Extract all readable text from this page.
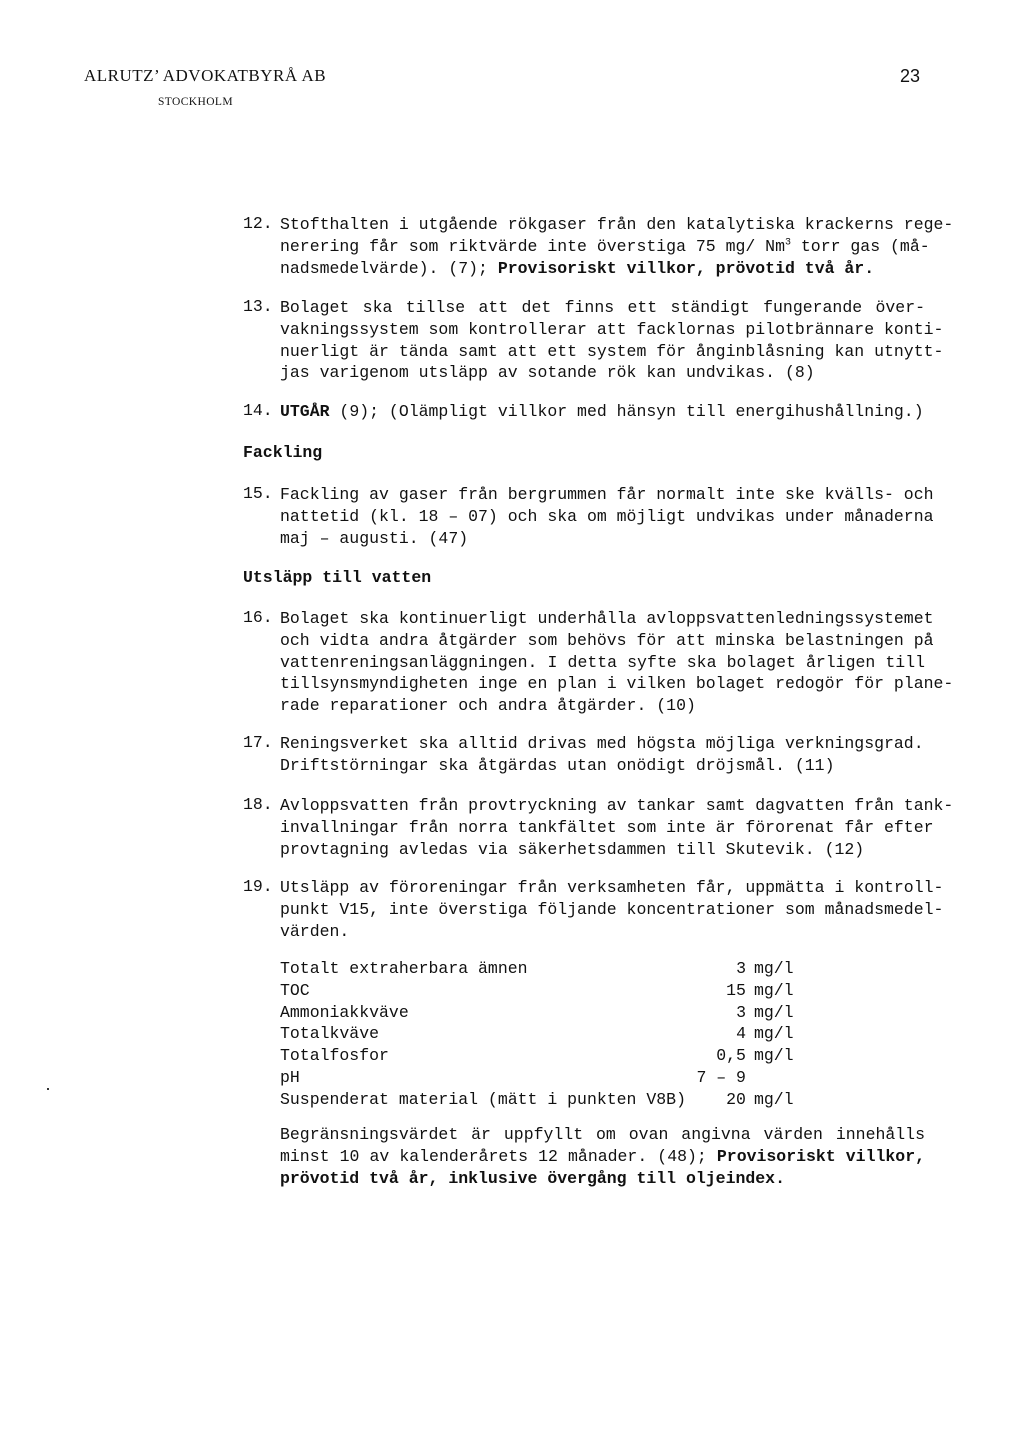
ALRUTZ’ ADVOKATBYRÅ AB
STOCKHOLM
23
12. Stofthalten i utgående rökgaser från den katalytiska krackerns rege-
nerering får som riktvärde inte överstiga 75 mg/ Nm$^3$ torr gas (må-
nadsmedelvärde). (7); Provisoriskt villkor, prövotid två år.
13. Bolaget ska tillse att det finns ett ständigt fungerande över-
vakningssystem som kontrollerar att facklornas pilotbrännare konti-
nuerligt är tända samt att ett system för ånginblåsning kan utnytt-
jas varigenom utsläpp av sotande rök kan undvikas. (8)
14. UTGÅR (9); (Olämpligt villkor med hänsyn till energihushållning.)
Fackling
15. Fackling av gaser från bergrummen får normalt inte ske kvälls- och
nattetid (kl. 18 – 07) och ska om möjligt undvikas under månaderna
maj – augusti. (47)
Utsläpp till vatten
16. Bolaget ska kontinuerligt underhålla avloppsvattenledningssystemet
och vidta andra åtgärder som behövs för att minska belastningen på
vattenreningsanläggningen. I detta syfte ska bolaget årligen till
tillsynsmyndigheten inge en plan i vilken bolaget redogör för plane-
rade reparationer och andra åtgärder. (10)
17. Reningsverket ska alltid drivas med högsta möjliga verkningsgrad.
Driftstörningar ska åtgärdas utan onödigt dröjsmål. (11)
18. Avloppsvatten från provtryckning av tankar samt dagvatten från tank-
invallningar från norra tankfältet som inte är förorenat får efter
provtagning avledas via säkerhetsdammen till Skutevik. (12)
19. Utsläpp av föroreningar från verksamheten får, uppmätta i kontroll-
punkt V15, inte överstiga följande koncentrationer som månadsmedel-
värden.
Totalt extraherbara ämnen	3	mg/l
TOC	15	mg/l
Ammoniakkväve	3	mg/l
Totalkväve	4	mg/l
Totalfosfor	0,5	mg/l
pH	7 – 9	
Suspenderat material (mätt i punkten V8B)	20	mg/l
Begränsningsvärdet är uppfyllt om ovan angivna värden innehålls
minst 10 av kalenderårets 12 månader. (48); Provisoriskt villkor,
prövotid två år, inklusive övergång till oljeindex.
